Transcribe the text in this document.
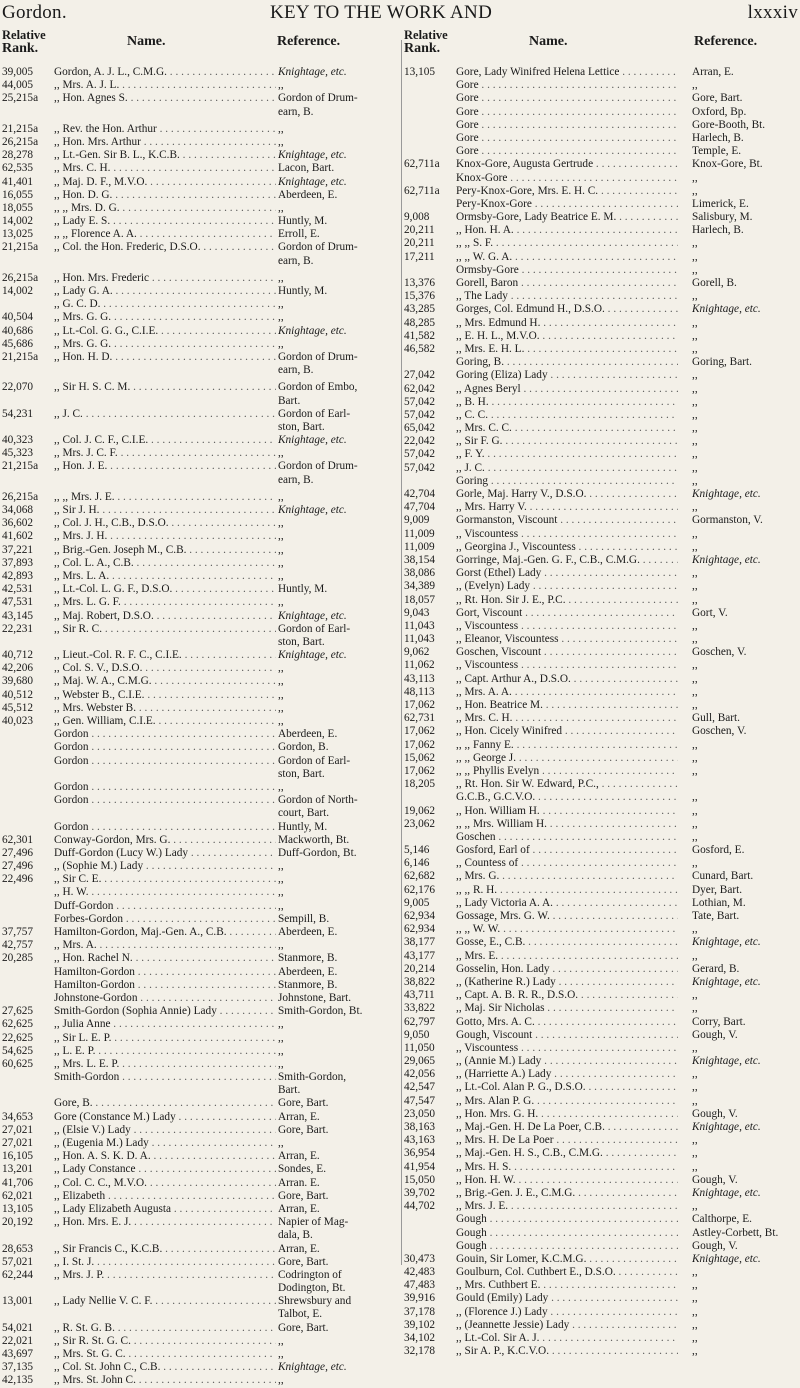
Gordon.	KEY TO THE WORK AND	lxxxiv
Relative
Rank.	Name.	Reference.
39,005	Gordon, A. J. L., C.M.G. . . .	Knightage, etc.
44,005	,, Mrs. A. J. L. . . .	,,
25,215a	,, Hon. Agnes S. . . .	Gordon of Drum-
earn, B.
21,215a	,, Rev. the Hon. Arthur . . .	,,
26,215a	,, Hon. Mrs. Arthur . . .	,,
28,278	,, Lt.-Gen. Sir B. L., K.C.B. . . .	Knightage, etc.
62,535	,, Mrs. C. H. . . .	Lacon, Bart.
41,401	,, Maj. D. F., M.V.O. . . .	Knightage, etc.
16,055	,, Hon. D. G. . . .	Aberdeen, E.
18,055	,, ,, Mrs. D. G. . . .	,,
14,002	,, Lady E. S. . . .	Huntly, M.
13,025	,, ,, Florence A. A. . . .	Erroll, E.
21,215a	,, Col. the Hon. Frederic, D.S.O. . . .	Gordon of Drum-
earn, B.
26,215a	,, Hon. Mrs. Frederic . . .	,,
14,002	,, Lady G. A. . . .	Huntly, M.
,, G. C. D. . . .	,,
40,504	,, Mrs. G. G. . . .	,,
40,686	,, Lt.-Col. G. G., C.I.E. . . .	Knightage, etc.
45,686	,, Mrs. G. G. . . .	,,
21,215a	,, Hon. H. D. . . .	Gordon of Drum-
earn, B.
22,070	,, Sir H. S. C. M. . . .	Gordon of Embo,
Bart.
54,231	,, J. C. . . .	Gordon of Earl-
ston, Bart.
40,323	,, Col. J. C. F., C.I.E. . . .	Knightage, etc.
45,323	,, Mrs. J. C. F. . . .	,,
21,215a	,, Hon. J. E. . . .	Gordon of Drum-
earn, B.
26,215a	,, ,, Mrs. J. E. . . .	,,
34,068	,, Sir J. H. . . .	Knightage, etc.
36,602	,, Col. J. H., C.B., D.S.O. . . .	,,
41,602	,, Mrs. J. H. . . .	,,
37,221	,, Brig.-Gen. Joseph M., C.B. . . .	,,
37,893	,, Col. L. A., C.B. . . .	,,
42,893	,, Mrs. L. A. . . .	,,
42,531	,, Lt.-Col. L. G. F., D.S.O. . . .	Huntly, M.
47,531	,, Mrs. L. G. F. . . .	,,
43,145	,, Maj. Robert, D.S.O. . . .	Knightage, etc.
22,231	,, Sir R. C. . . .	Gordon of Earl-
ston, Bart.
40,712	,, Lieut.-Col. R. F. C., C.I.E. . . .	Knightage, etc.
42,206	,, Col. S. V., D.S.O. . . .	,,
39,680	,, Maj. W. A., C.M.G. . . .	,,
40,512	,, Webster B., C.I.E. . . .	,,
45,512	,, Mrs. Webster B. . . .	,,
40,023	,, Gen. William, C.I.E. . . .	,,
Gordon . . .	Aberdeen, E.
Gordon . . .	Gordon, B.
Gordon . . .	Gordon of Earl-
ston, Bart.
Gordon . . .	,,
Gordon . . .	Gordon of North-
court, Bart.
Gordon . . .	Huntly, M.
62,301	Conway-Gordon, Mrs. G. . . .	Mackworth, Bt.
27,496	Duff-Gordon (Lucy W.) Lady . . .	Duff-Gordon, Bt.
27,496	,, (Sophie M.) Lady . . .	,,
22,496	,, Sir C. E. . . .	,,
,, H. W. . . .	,,
Duff-Gordon . . .	,,
Forbes-Gordon . . .	Sempill, B.
37,757	Hamilton-Gordon, Maj.-Gen. A., C.B. . . .	Aberdeen, E.
42,757	,, Mrs. A. . . .	,,
20,285	,, Hon. Rachel N. . . .	Stanmore, B.
Hamilton-Gordon . . .	Aberdeen, E.
Hamilton-Gordon . . .	Stanmore, B.
Johnstone-Gordon . . .	Johnstone, Bart.
27,625	Smith-Gordon (Sophia Annie) Lady . . .	Smith-Gordon, Bt.
62,625	,, Julia Anne . . .	,,
22,625	,, Sir L. E. P. . . .	,,
54,625	,, L. E. P. . . .	,,
60,625	,, Mrs. L. E. P. . . .	,,
Smith-Gordon . . .	Smith-Gordon,
Bart.
Gore, B. . . .	Gore, Bart.
34,653	Gore (Constance M.) Lady . . .	Arran, E.
27,021	,, (Elsie V.) Lady . . .	Gore, Bart.
27,021	,, (Eugenia M.) Lady . . .	,,
16,105	,, Hon. A. S. K. D. A. . . .	Arran, E.
13,201	,, Lady Constance . . .	Sondes, E.
41,706	,, Col. C. C., M.V.O. . . .	Arran. E.
62,021	,, Elizabeth . . .	Gore, Bart.
13,105	,, Lady Elizabeth Augusta . . .	Arran, E.
20,192	,, Hon. Mrs. E. J. . . .	Napier of Mag-
dala, B.
28,653	,, Sir Francis C., K.C.B. . . .	Arran, E.
57,021	,, I. St. J. . . .	Gore, Bart.
62,244	,, Mrs. J. P. . . .	Codrington of
Dodington, Bt.
13,001	,, Lady Nellie V. C. F. . . .	Shrewsbury and
Talbot, E.
54,021	,, R. St. G. B. . . .	Gore, Bart.
22,021	,, Sir R. St. G. C. . . .	,,
43,697	,, Mrs. St. G. C. . . .	,,
37,135	,, Col. St. John C., C.B. . . .	Knightage, etc.
42,135	,, Mrs. St. John C. . . .	,,
Relative
Rank.	Name.	Reference.
13,105	Gore, Lady Winifred Helena Lettice . . .	Arran, E.
Gore . . .	,,
Gore . . .	Gore, Bart.
Gore . . .	Oxford, Bp.
Gore . . .	Gore-Booth, Bt.
Gore . . .	Harlech, B.
Gore . . .	Temple, E.
62,711a	Knox-Gore, Augusta Gertrude . . .	Knox-Gore, Bt.
Knox-Gore . . .	,,
62,711a	Pery-Knox-Gore, Mrs. E. H. C. . . .	,,
Pery-Knox-Gore . . .	Limerick, E.
9,008	Ormsby-Gore, Lady Beatrice E. M. . . .	Salisbury, M.
20,211	,, Hon. H. A. . . .	Harlech, B.
20,211	,, ,, S. F. . . .	,,
17,211	,, ,, W. G. A. . . .	,,
Ormsby-Gore . . .	,,
13,376	Gorell, Baron . . .	Gorell, B.
15,376	,, The Lady . . .	,,
43,285	Gorges, Col. Edmund H., D.S.O. . . .	Knightage, etc.
48,285	,, Mrs. Edmund H. . . .	,,
41,582	,, E. H. L., M.V.O. . . .	,,
46,582	,, Mrs. E. H. L. . . .	,,
Goring, B. . . .	Goring, Bart.
27,042	Goring (Eliza) Lady . . .	,,
62,042	,, Agnes Beryl . . .	,,
57,042	,, B. H. . . .	,,
57,042	,, C. C. . . .	,,
65,042	,, Mrs. C. C. . . .	,,
22,042	,, Sir F. G. . . .	,,
57,042	,, F. Y. . . .	,,
57,042	,, J. C. . . .	,,
Goring . . .	,,
42,704	Gorle, Maj. Harry V., D.S.O. . . .	Knightage, etc.
47,704	,, Mrs. Harry V. . . .	,,
9,009	Gormanston, Viscount . . .	Gormanston, V.
11,009	,, Viscountess . . .	,,
11,009	,, Georgina J., Viscountess . . .	,,
38,154	Gorringe, Maj.-Gen. G. F., C.B., C.M.G. . . .	Knightage, etc.
38,086	Gorst (Ethel) Lady . . .	,,
34,389	,, (Evelyn) Lady . . .	,,
18,057	,, Rt. Hon. Sir J. E., P.C. . . .	,,
9,043	Gort, Viscount . . .	Gort, V.
11,043	,, Viscountess . . .	,,
11,043	,, Eleanor, Viscountess . . .	,,
9,062	Goschen, Viscount . . .	Goschen, V.
11,062	,, Viscountess . . .	,,
43,113	,, Capt. Arthur A., D.S.O. . . .	,,
48,113	,, Mrs. A. A. . . .	,,
17,062	,, Hon. Beatrice M. . . .	,,
62,731	,, Mrs. C. H. . . .	Gull, Bart.
17,062	,, Hon. Cicely Winifred . . .	Goschen, V.
17,062	,, ,, Fanny E. . . .	,,
15,062	,, ,, George J. . . .	,,
17,062	,, ,, Phyllis Evelyn . . .	,,
18,205	,, Rt. Hon. Sir W. Edward, P.C., . . .
G.C.B., G.C.V.O. . . .	,,
19,062	,, Hon. William H. . . .	,,
23,062	,, ,, Mrs. William H. . . .	,,
Goschen . . .	,,
5,146	Gosford, Earl of . . .	Gosford, E.
6,146	,, Countess of . . .	,,
62,682	,, Mrs. G. . . .	Cunard, Bart.
62,176	,, ,, R. H. . . .	Dyer, Bart.
9,005	,, Lady Victoria A. A. . . .	Lothian, M.
62,934	Gossage, Mrs. G. W. . . .	Tate, Bart.
62,934	,, ,, W. W. . . .	,,
38,177	Gosse, E., C.B. . . .	Knightage, etc.
43,177	,, Mrs. E. . . .	,,
20,214	Gosselin, Hon. Lady . . .	Gerard, B.
38,822	,, (Katherine R.) Lady . . .	Knightage, etc.
43,711	,, Capt. A. B. R. R., D.S.O. . . .	,,
33,822	,, Maj. Sir Nicholas . . .	,,
62,797	Gotto, Mrs. A. C. . . .	Corry, Bart.
9,050	Gough, Viscount . . .	Gough, V.
11,050	,, Viscountess . . .	,,
29,065	,, (Annie M.) Lady . . .	Knightage, etc.
42,056	,, (Harriette A.) Lady . . .	,,
42,547	,, Lt.-Col. Alan P. G., D.S.O. . . .	,,
47,547	,, Mrs. Alan P. G. . . .	,,
23,050	,, Hon. Mrs. G. H. . . .	Gough, V.
38,163	,, Maj.-Gen. H. De La Poer, C.B. . . .	Knightage, etc.
43,163	,, Mrs. H. De La Poer . . .	,,
36,954	,, Maj.-Gen. H. S., C.B., C.M.G. . . .	,,
41,954	,, Mrs. H. S. . . .	,,
15,050	,, Hon. H. W. . . .	Gough, V.
39,702	,, Brig.-Gen. J. E., C.M.G. . . .	Knightage, etc.
44,702	,, Mrs. J. E. . . .	,,
Gough . . .	Calthorpe, E.
Gough . . .	Astley-Corbett, Bt.
Gough . . .	Gough, V.
30,473	Gouin, Sir Lomer, K.C.M.G. . . .	Knightage, etc.
42,483	Goulburn, Col. Cuthbert E., D.S.O. . . .	,,
47,483	,, Mrs. Cuthbert E. . . .	,,
39,916	Gould (Emily) Lady . . .	,,
37,178	,, (Florence J.) Lady . . .	,,
39,102	,, (Jeannette Jessie) Lady . . .	,,
34,102	,, Lt.-Col. Sir A. J. . . .	,,
32,178	,, Sir A. P., K.C.V.O. . . .	,,
